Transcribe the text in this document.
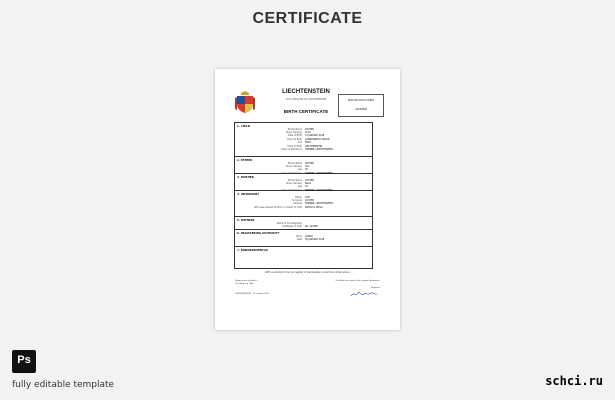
CERTIFICATE
LIECHTENSTEIN
CIVIL REGISTRY OF LIECHTENSTEIN
BIRTH CERTIFICATE
REGISTRATION NUMBER
123456
1. CHILD
Family Name COSTER
Given name(s) Anna
Date of Birth 13 JANUARY 2018
Place of Birth LANDESSPITAL VADUZ
Sex MALE
Place of Birth LIECHTENSTEIN
Place of Residence TRIESEN, LIECHTENSTEIN
2. FATHER
Family Name COSTER
Given name(s) Tom
Age 35
Place of Residence TRIESEN, LIECHTENSTEIN
3. MOTHER
Family Name COSTER
Given name(s) Maria
Age 32
Place of Residence TRIESEN, LIECHTENSTEIN
4. INFORMANT
Father TOM
Surname COSTER
Address TRIESEN, LIECHTENSTEIN
Who was present at birth or mother of child Mother & Father
5. WITNESS
Name of Civil Registrar
Certificate of birth No. 123456
6. REGISTERING AUTHORITY
Place VADUZ
Date 20 JANUARY 2018
7. ENDORSEMENT(S)
Birth is entered in the civil register of Liechtenstein under the number above
Department of Justice,
Civil Registry Office
Certified true copy of the original document.
Registrar
LIECHTENSTEIN · 15 October 2021
Ps
fully editable template	schci.ru
